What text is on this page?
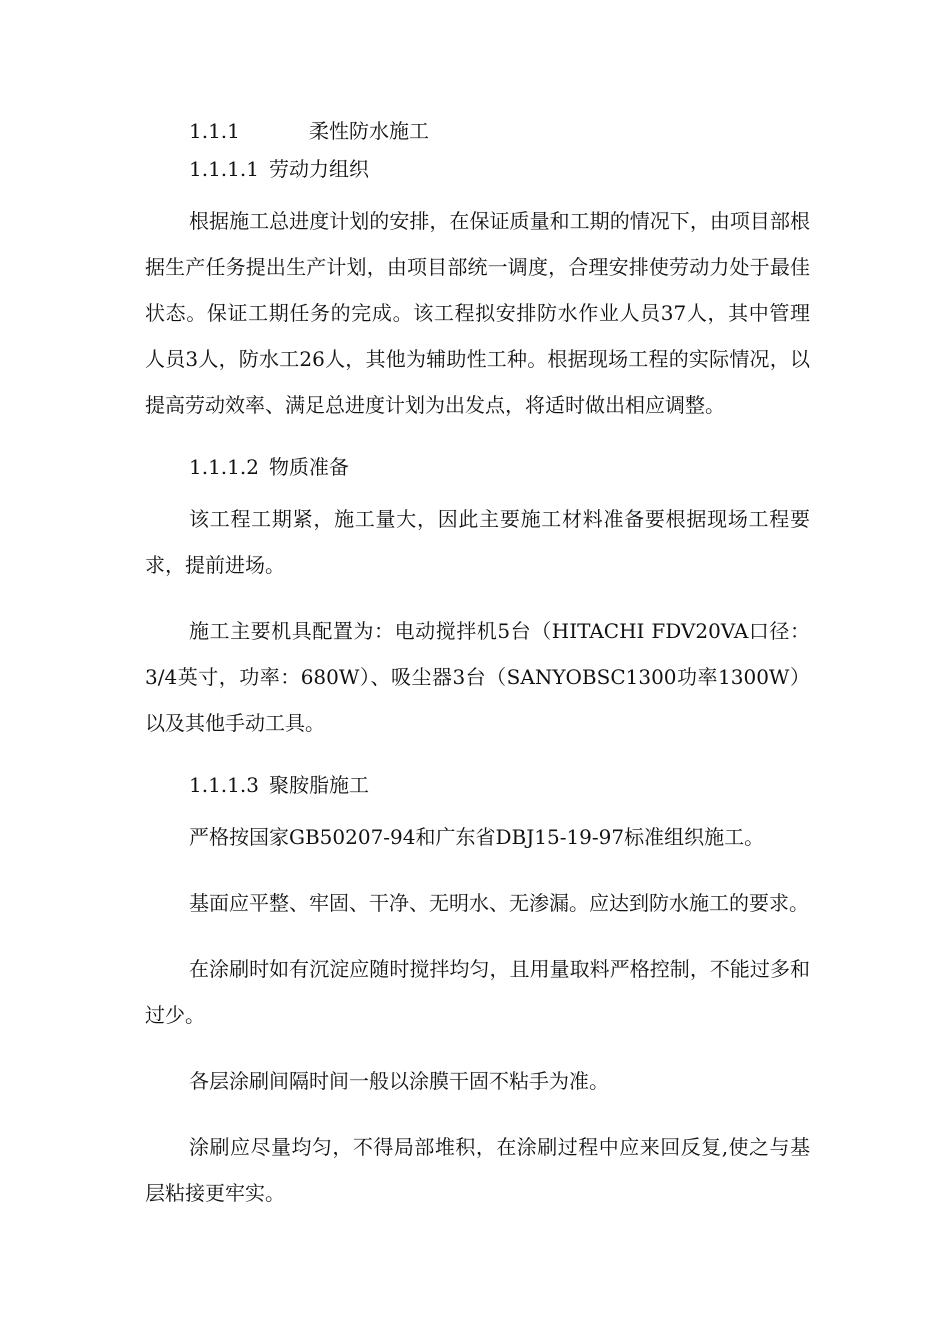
1.1.1	柔性防水施工
1.1.1.1 劳动力组织

根据施工总进度计划的安排，在保证质量和工期的情况下，由项目部根据生产任务提出生产计划，由项目部统一调度，合理安排使劳动力处于最佳状态。保证工期任务的完成。该工程拟安排防水作业人员37人，其中管理人员3人，防水工26人，其他为辅助性工种。根据现场工程的实际情况，以提高劳动效率、满足总进度计划为出发点，将适时做出相应调整。

1.1.1.2 物质准备

该工程工期紧，施工量大，因此主要施工材料准备要根据现场工程要求，提前进场。

施工主要机具配置为：电动搅拌机5台（HITACHI FDV20VA口径：3/4英寸，功率：680W）、吸尘器3台（SANYOBSC1300功率1300W）以及其他手动工具。

1.1.1.3 聚胺脂施工

严格按国家GB50207-94和广东省DBJ15-19-97标准组织施工。

基面应平整、牢固、干净、无明水、无渗漏。应达到防水施工的要求。

在涂刷时如有沉淀应随时搅拌均匀，且用量取料严格控制，不能过多和过少。

各层涂刷间隔时间一般以涂膜干固不粘手为准。

涂刷应尽量均匀，不得局部堆积，在涂刷过程中应来回反复,使之与基层粘接更牢实。
